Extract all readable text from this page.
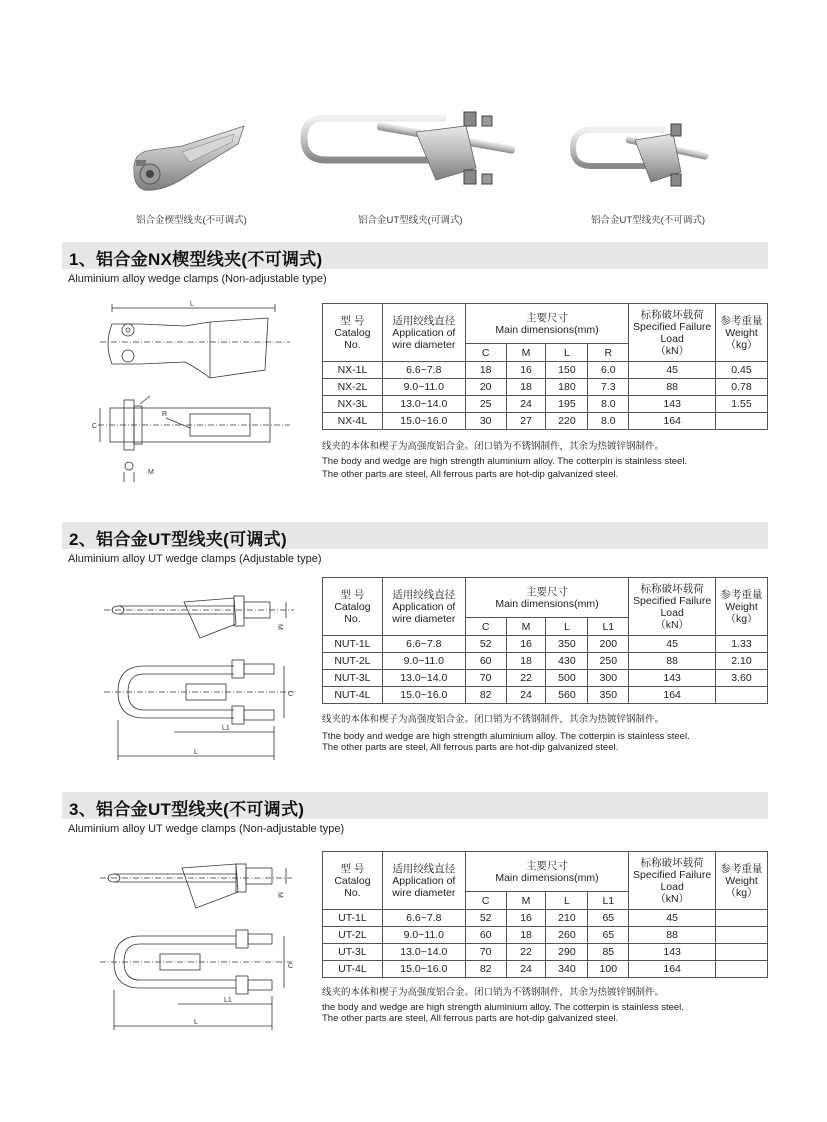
铝合金楔型线夹(不可调式)	铝合金UT型线夹(可调式)	铝合金UT型线夹(不可调式)
1、铝合金NX楔型线夹(不可调式)
Aluminium alloy wedge clamps (Non-adjustable type)
L
R
C
M
型 号
Catalog
No.	适用绞线直径
Application of
wire diameter	主要尺寸
Main dimensions(mm)				标称破坏载荷
Specified Failure
Load
（kN）	参考重量
Weight
（kg）
		C	M	L	R		
NX-1L	6.6~7.8	18	16	150	6.0	45	0.45
NX-2L	9.0~11.0	20	18	180	7.3	88	0.78
NX-3L	13.0~14.0	25	24	195	8.0	143	1.55
NX-4L	15.0~16.0	30	27	220	8.0	164	
线夹的本体和楔子为高强度铝合金。闭口销为不锈钢制件，其余为热镀锌钢制件。
The body and wedge are high strength aluminium alloy. The cotterpin is stainless steel.
The other parts are steel, All ferrous parts are hot-dip galvanized steel.
2、铝合金UT型线夹(可调式)
Aluminium alloy UT wedge clamps (Adjustable type)
M
C
L1
L
型 号
Catalog
No.	适用绞线直径
Application of
wire diameter	主要尺寸
Main dimensions(mm)				标称破坏载荷
Specified Failure
Load
（kN）	参考重量
Weight
（kg）
		C	M	L	L1		
NUT-1L	6.6~7.8	52	16	350	200	45	1.33
NUT-2L	9.0~11.0	60	18	430	250	88	2.10
NUT-3L	13.0~14.0	70	22	500	300	143	3.60
NUT-4L	15.0~16.0	82	24	560	350	164	
线夹的本体和楔子为高强度铝合金。闭口销为不锈钢制件，其余为热镀锌钢制件。
Tthe body and wedge are high strength aluminium alloy. The cotterpin is stainless steel.
The other parts are steel, All ferrous parts are hot-dip galvanized steel.
3、铝合金UT型线夹(不可调式)
Aluminium alloy UT wedge clamps (Non-adjustable type)
M
C
L1
L
型 号
Catalog
No.	适用绞线直径
Application of
wire diameter	主要尺寸
Main dimensions(mm)				标称破坏载荷
Specified Failure
Load
（kN）	参考重量
Weight
（kg）
		C	M	L	L1		
UT-1L	6.6~7.8	52	16	210	65	45	
UT-2L	9.0~11.0	60	18	260	65	88	
UT-3L	13.0~14.0	70	22	290	85	143	
UT-4L	15.0~16.0	82	24	340	100	164	
线夹的本体和楔子为高强度铝合金。闭口销为不锈钢制件，其余为热镀锌钢制件。
the body and wedge are high strength aluminium alloy. The cotterpin is stainless steel.
The other parts are steel, All ferrous parts are hot-dip galvanized steel.
